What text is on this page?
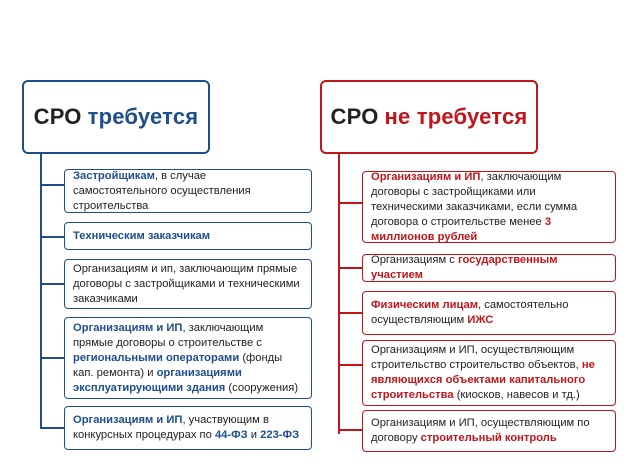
СРО требуется
Застройщикам, в случае самостоятельного осуществления строительства
Техническим заказчикам
Организациям и ип, заключающим прямые договоры с застройщиками и техническими заказчиками
Организациям и ИП, заключающим прямые договоры о строительстве с региональными операторами (фонды кап. ремонта) и организациями эксплуатирующими здания (сооружения)
Организациям и ИП, участвующим в конкурсных процедурах по 44-ФЗ и 223-ФЗ
СРО не требуется
Организациям и ИП, заключающим договоры с застройщиками или техническими заказчиками, если сумма договора о строительстве менее 3 миллионов рублей
Организациям с государственным участием
Физическим лицам, самостоятельно осуществляющим ИЖС
Организациям и ИП, осуществляющим строительство строительство объектов, не являющихся объектами капитального строительства (киосков, навесов и тд.)
Организациям и ИП, осуществляющим по договору строительный контроль
